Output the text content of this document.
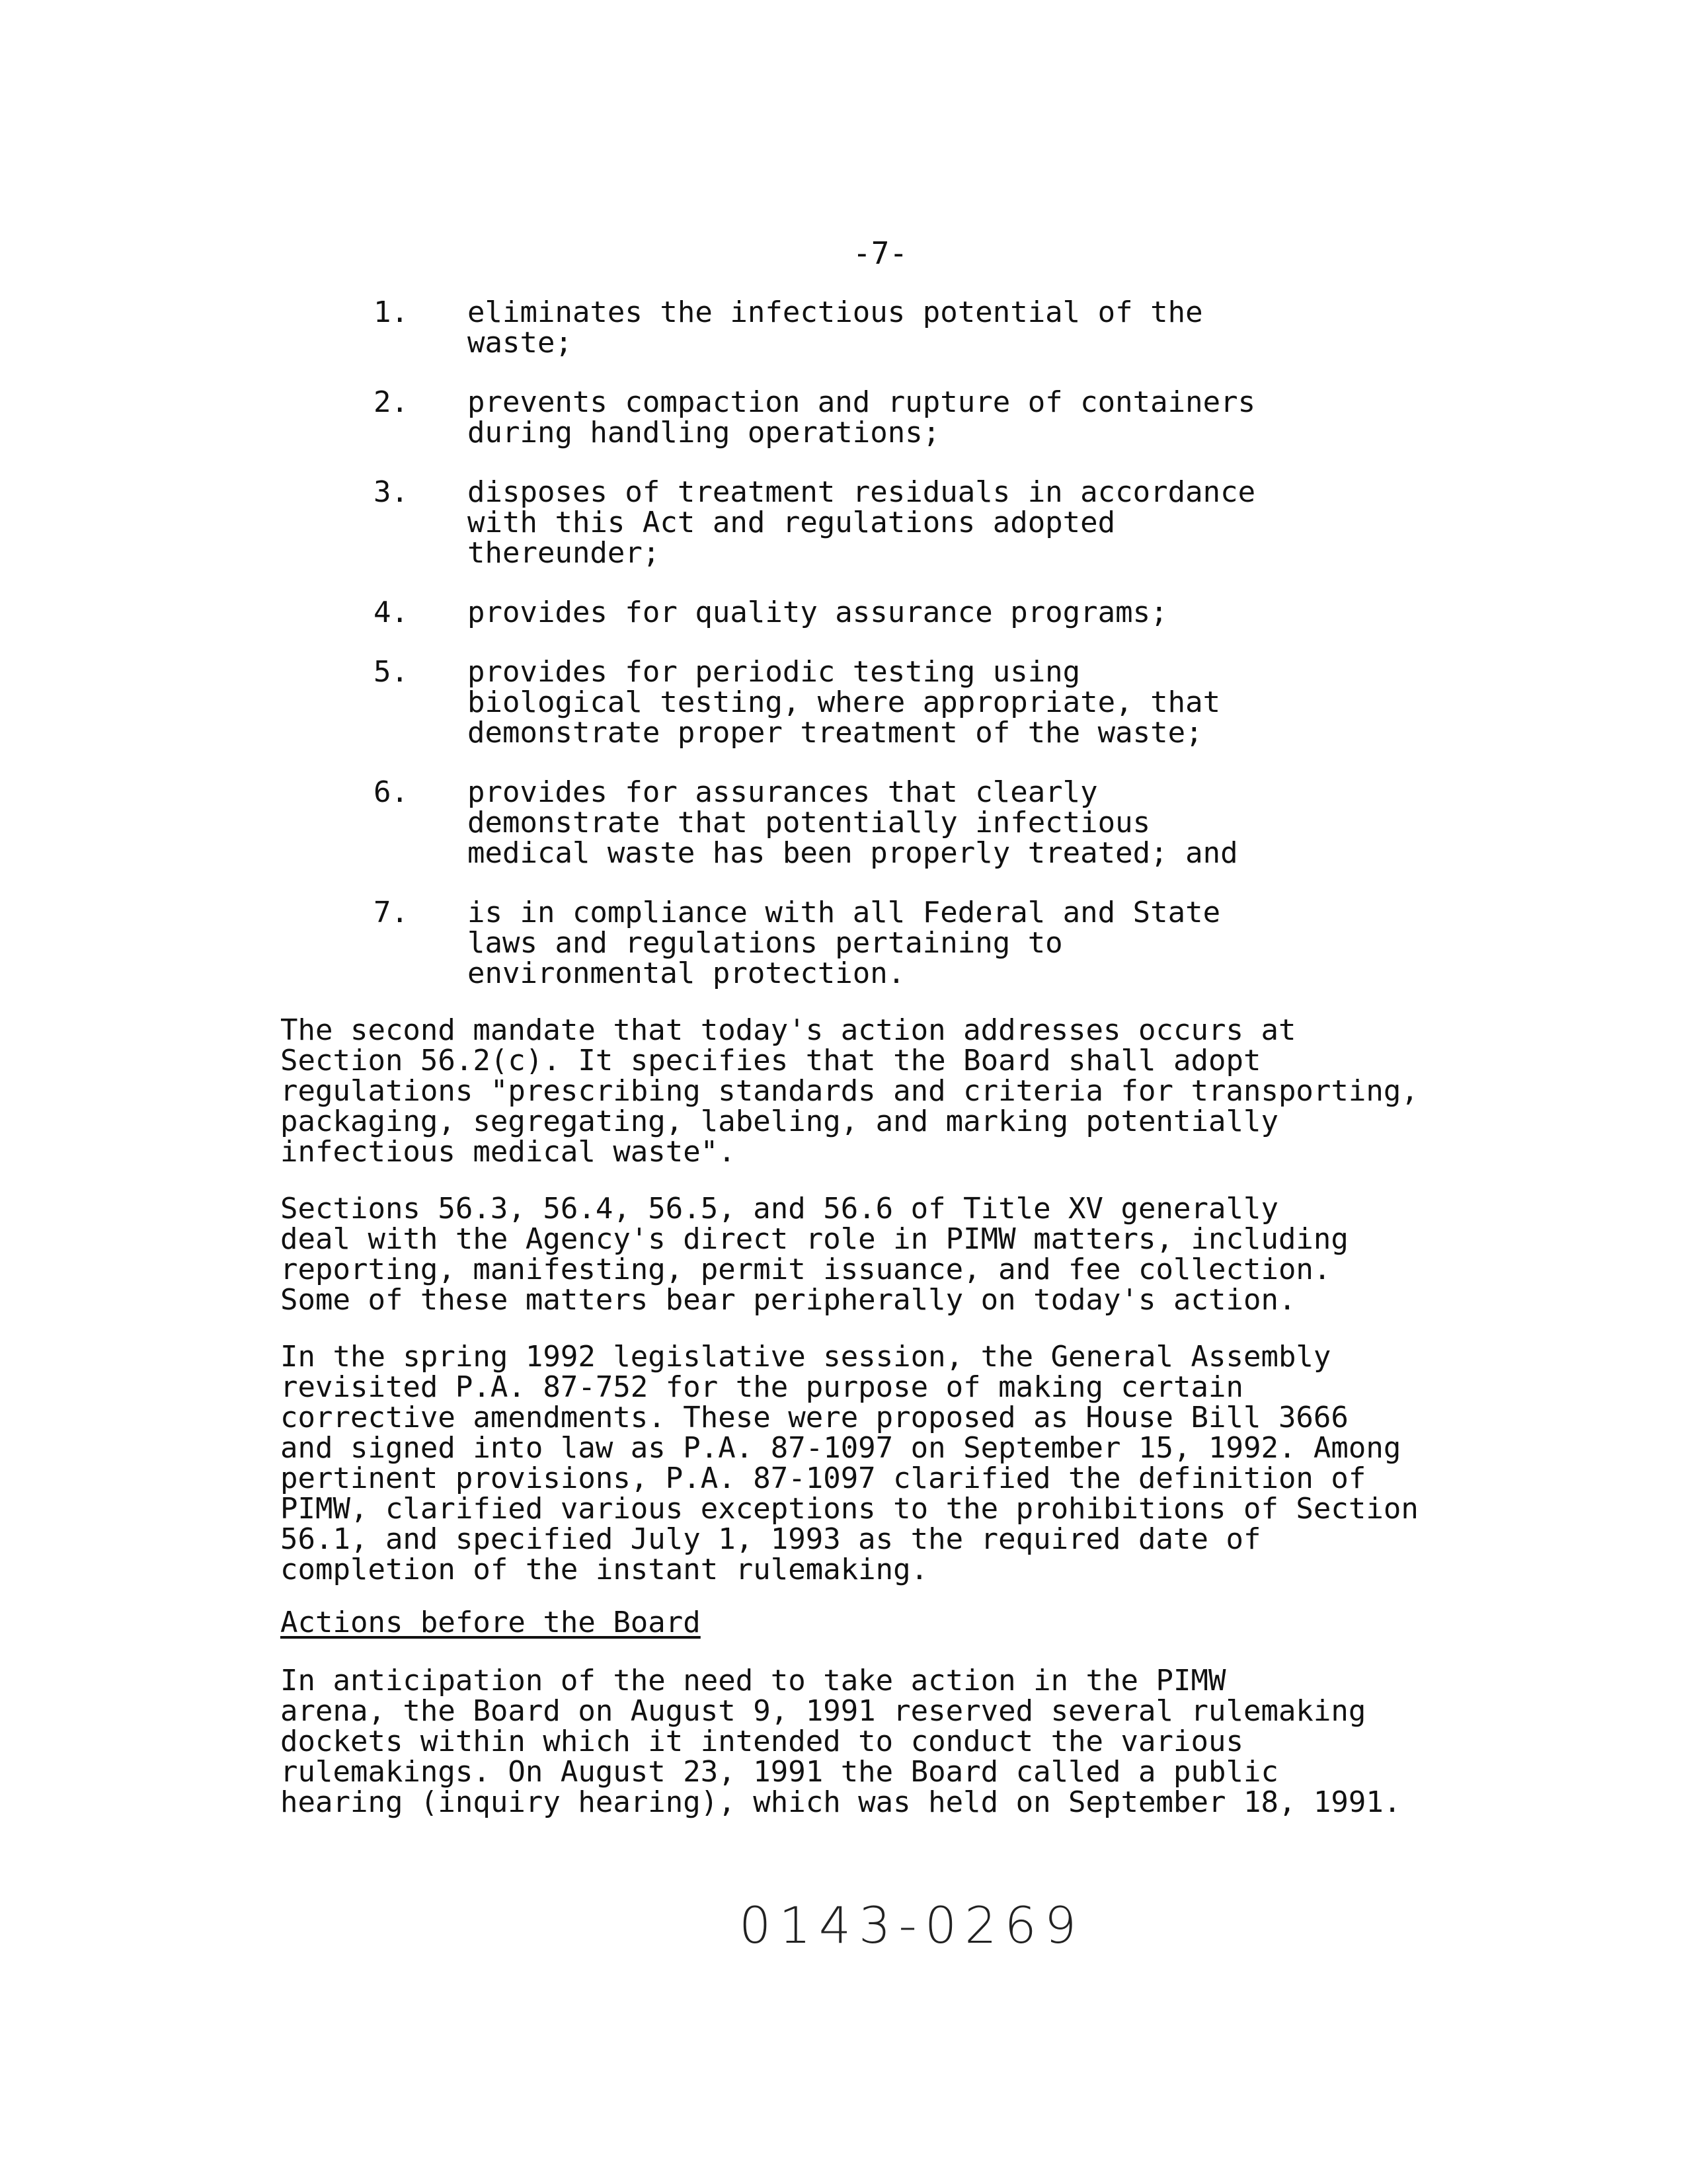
-7-
1.	eliminates the infectious potential of the
waste;
2.	prevents compaction and rupture of containers
during handling operations;
3.	disposes of treatment residuals in accordance
with this Act and regulations adopted
thereunder;
4.	provides for quality assurance programs;
5.	provides for periodic testing using
biological testing, where appropriate, that
demonstrate proper treatment of the waste;
6.	provides for assurances that clearly
demonstrate that potentially infectious
medical waste has been properly treated; and
7.	is in compliance with all Federal and State
laws and regulations pertaining to
environmental protection.
The second mandate that today's action addresses occurs at
Section 56.2(c). It specifies that the Board shall adopt
regulations "prescribing standards and criteria for transporting,
packaging, segregating, labeling, and marking potentially
infectious medical waste".
Sections 56.3, 56.4, 56.5, and 56.6 of Title XV generally
deal with the Agency's direct role in PIMW matters, including
reporting, manifesting, permit issuance, and fee collection.
Some of these matters bear peripherally on today's action.
In the spring 1992 legislative session, the General Assembly
revisited P.A. 87-752 for the purpose of making certain
corrective amendments. These were proposed as House Bill 3666
and signed into law as P.A. 87-1097 on September 15, 1992. Among
pertinent provisions, P.A. 87-1097 clarified the definition of
PIMW, clarified various exceptions to the prohibitions of Section
56.1, and specified July 1, 1993 as the required date of
completion of the instant rulemaking.
Actions before the Board
In anticipation of the need to take action in the PIMW
arena, the Board on August 9, 1991 reserved several rulemaking
dockets within which it intended to conduct the various
rulemakings. On August 23, 1991 the Board called a public
hearing (inquiry hearing), which was held on September 18, 1991.
0143-0269
